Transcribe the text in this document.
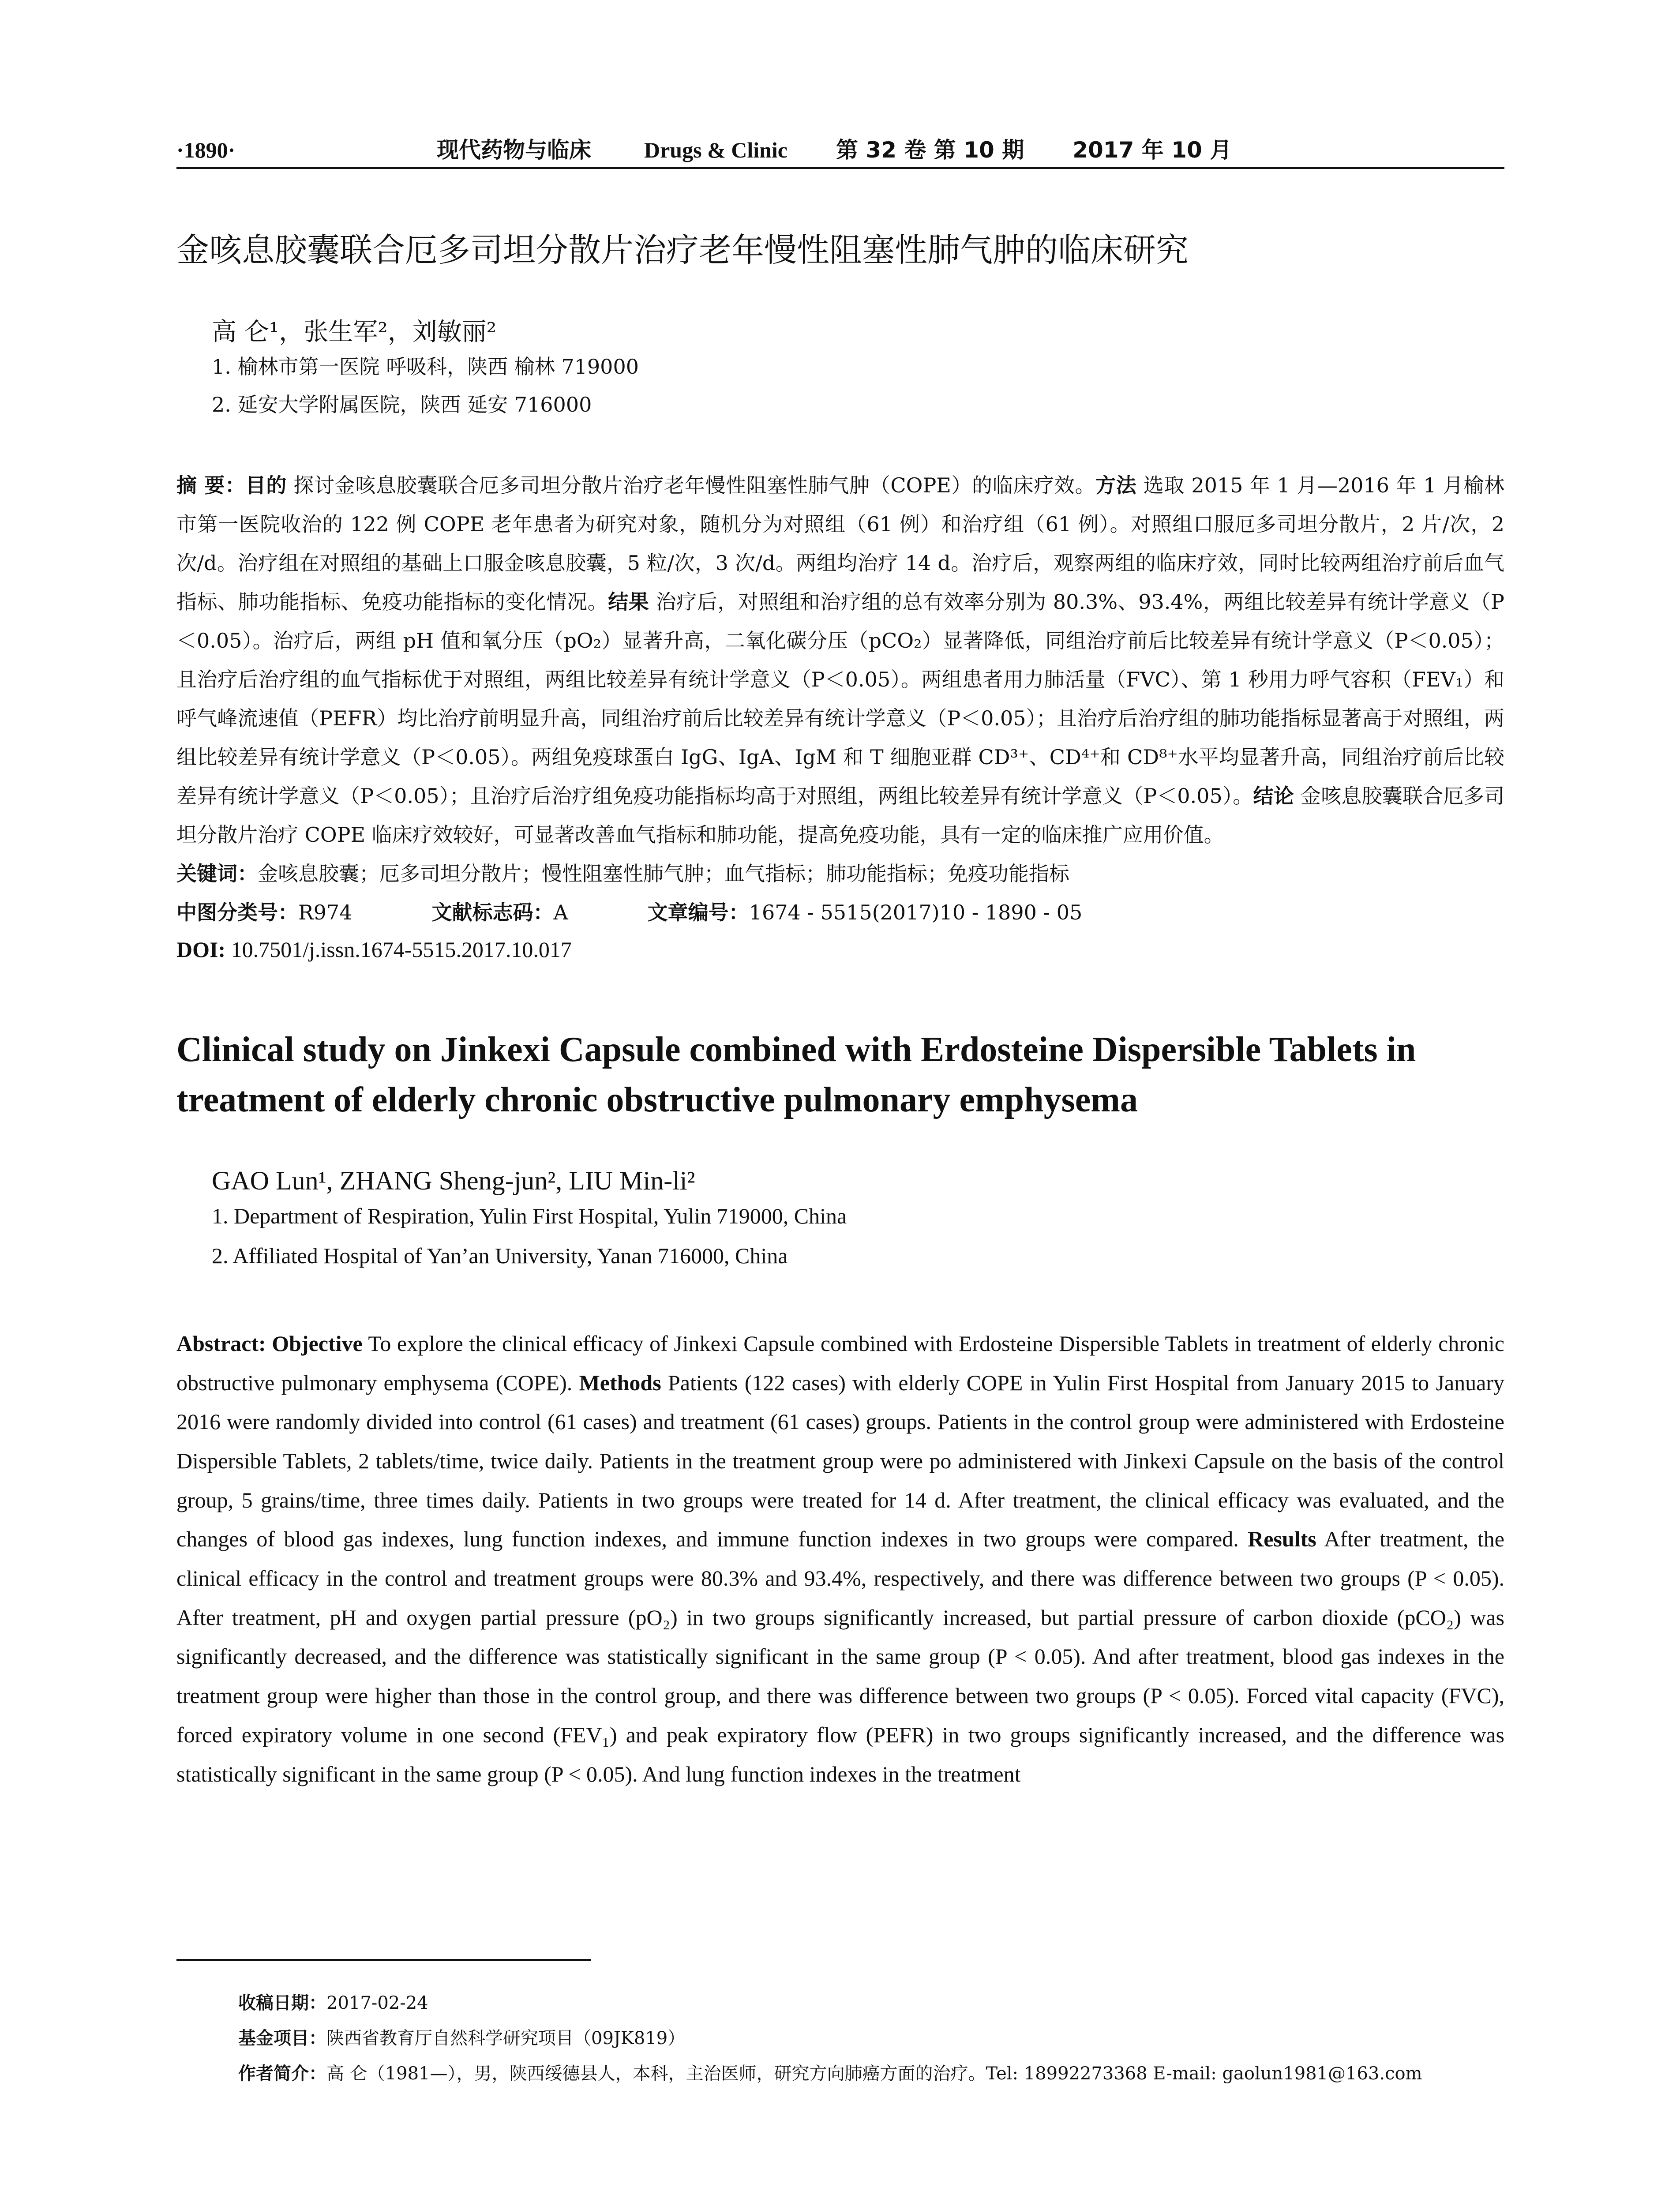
·1890·	现代药物与临床 Drugs & Clinic 第 32 卷 第 10 期 2017 年 10 月
金咳息胶囊联合厄多司坦分散片治疗老年慢性阻塞性肺气肿的临床研究
高 仑¹，张生军²，刘敏丽²
1. 榆林市第一医院 呼吸科，陕西 榆林 719000
2. 延安大学附属医院，陕西 延安 716000
摘 要：目的 探讨金咳息胶囊联合厄多司坦分散片治疗老年慢性阻塞性肺气肿（COPE）的临床疗效。方法 选取 2015 年 1 月—2016 年 1 月榆林市第一医院收治的 122 例 COPE 老年患者为研究对象，随机分为对照组（61 例）和治疗组（61 例）。对照组口服厄多司坦分散片，2 片/次，2 次/d。治疗组在对照组的基础上口服金咳息胶囊，5 粒/次，3 次/d。两组均治疗 14 d。治疗后，观察两组的临床疗效，同时比较两组治疗前后血气指标、肺功能指标、免疫功能指标的变化情况。结果 治疗后，对照组和治疗组的总有效率分别为 80.3%、93.4%，两组比较差异有统计学意义（P＜0.05）。治疗后，两组 pH 值和氧分压（pO₂）显著升高，二氧化碳分压（pCO₂）显著降低，同组治疗前后比较差异有统计学意义（P＜0.05）；且治疗后治疗组的血气指标优于对照组，两组比较差异有统计学意义（P＜0.05）。两组患者用力肺活量（FVC）、第 1 秒用力呼气容积（FEV₁）和呼气峰流速值（PEFR）均比治疗前明显升高，同组治疗前后比较差异有统计学意义（P＜0.05）；且治疗后治疗组的肺功能指标显著高于对照组，两组比较差异有统计学意义（P＜0.05）。两组免疫球蛋白 IgG、IgA、IgM 和 T 细胞亚群 CD³⁺、CD⁴⁺和 CD⁸⁺水平均显著升高，同组治疗前后比较差异有统计学意义（P＜0.05）；且治疗后治疗组免疫功能指标均高于对照组，两组比较差异有统计学意义（P＜0.05）。结论 金咳息胶囊联合厄多司坦分散片治疗 COPE 临床疗效较好，可显著改善血气指标和肺功能，提高免疫功能，具有一定的临床推广应用价值。
关键词：金咳息胶囊；厄多司坦分散片；慢性阻塞性肺气肿；血气指标；肺功能指标；免疫功能指标
中图分类号：R974	文献标志码：A	文章编号：1674 - 5515(2017)10 - 1890 - 05
DOI: 10.7501/j.issn.1674-5515.2017.10.017
Clinical study on Jinkexi Capsule combined with Erdosteine Dispersible Tablets in treatment of elderly chronic obstructive pulmonary emphysema
GAO Lun¹, ZHANG Sheng-jun², LIU Min-li²
1. Department of Respiration, Yulin First Hospital, Yulin 719000, China
2. Affiliated Hospital of Yan’an University, Yanan 716000, China
Abstract: Objective To explore the clinical efficacy of Jinkexi Capsule combined with Erdosteine Dispersible Tablets in treatment of elderly chronic obstructive pulmonary emphysema (COPE). Methods Patients (122 cases) with elderly COPE in Yulin First Hospital from January 2015 to January 2016 were randomly divided into control (61 cases) and treatment (61 cases) groups. Patients in the control group were administered with Erdosteine Dispersible Tablets, 2 tablets/time, twice daily. Patients in the treatment group were po administered with Jinkexi Capsule on the basis of the control group, 5 grains/time, three times daily. Patients in two groups were treated for 14 d. After treatment, the clinical efficacy was evaluated, and the changes of blood gas indexes, lung function indexes, and immune function indexes in two groups were compared. Results After treatment, the clinical efficacy in the control and treatment groups were 80.3% and 93.4%, respectively, and there was difference between two groups (P < 0.05). After treatment, pH and oxygen partial pressure (pO₂) in two groups significantly increased, but partial pressure of carbon dioxide (pCO₂) was significantly decreased, and the difference was statistically significant in the same group (P < 0.05). And after treatment, blood gas indexes in the treatment group were higher than those in the control group, and there was difference between two groups (P < 0.05). Forced vital capacity (FVC), forced expiratory volume in one second (FEV₁) and peak expiratory flow (PEFR) in two groups significantly increased, and the difference was statistically significant in the same group (P < 0.05). And lung function indexes in the treatment
收稿日期：2017-02-24
基金项目：陕西省教育厅自然科学研究项目（09JK819）
作者简介：高 仑（1981—），男，陕西绥德县人，本科，主治医师，研究方向肺癌方面的治疗。Tel: 18992273368 E-mail: gaolun1981@163.com
